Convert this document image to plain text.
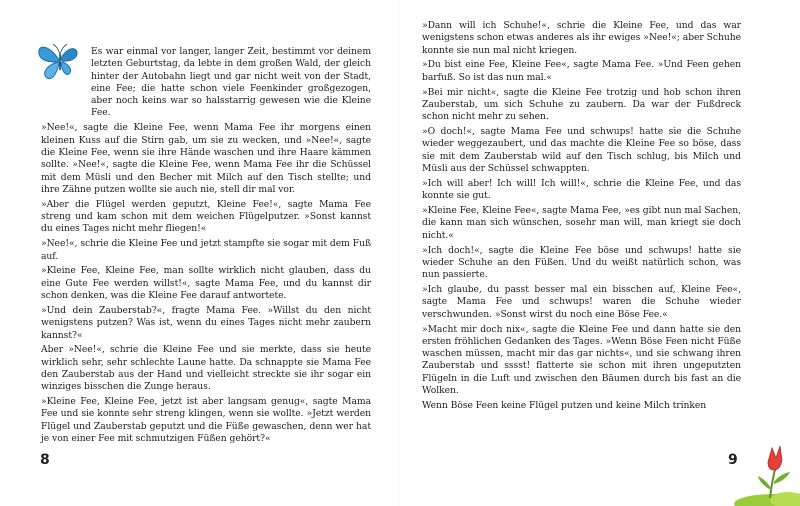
Es war einmal vor langer, langer Zeit, bestimmt vor deinem letzten Geburtstag, da lebte in dem großen Wald, der gleich hinter der Autobahn liegt und gar nicht weit von der Stadt, eine Fee; die hatte schon viele Feenkinder großgezogen, aber noch keins war so halsstarrig gewesen wie die Kleine Fee.

»Nee!«, sagte die Kleine Fee, wenn Mama Fee ihr morgens einen kleinen Kuss auf die Stirn gab, um sie zu wecken, und »Nee!«, sagte die Kleine Fee, wenn sie ihre Hände waschen und ihre Haare kämmen sollte. »Nee!«, sagte die Kleine Fee, wenn Mama Fee ihr die Schüssel mit dem Müsli und den Becher mit Milch auf den Tisch stellte; und ihre Zähne putzen wollte sie auch nie, stell dir mal vor.

»Aber die Flügel werden geputzt, Kleine Fee!«, sagte Mama Fee streng und kam schon mit dem weichen Flügelputzer. »Sonst kannst du eines Tages nicht mehr fliegen!«

»Nee!«, schrie die Kleine Fee und jetzt stampfte sie sogar mit dem Fuß auf.

»Kleine Fee, Kleine Fee, man sollte wirklich nicht glauben, dass du eine Gute Fee werden willst!«, sagte Mama Fee, und du kannst dir schon denken, was die Kleine Fee darauf antwortete.

»Und dein Zauberstab?«, fragte Mama Fee. »Willst du den nicht wenigstens putzen? Was ist, wenn du eines Tages nicht mehr zaubern kannst?«

Aber »Nee!«, schrie die Kleine Fee und sie merkte, dass sie heute wirklich sehr, sehr schlechte Laune hatte. Da schnappte sie Mama Fee den Zauberstab aus der Hand und vielleicht streckte sie ihr sogar ein winziges bisschen die Zunge heraus.

»Kleine Fee, Kleine Fee, jetzt ist aber langsam genug«, sagte Mama Fee und sie konnte sehr streng klingen, wenn sie wollte. »Jetzt werden Flügel und Zauberstab geputzt und die Füße gewaschen, denn wer hat je von einer Fee mit schmutzigen Füßen gehört?«

8

»Dann will ich Schuhe!«, schrie die Kleine Fee, und das war wenigstens schon etwas anderes als ihr ewiges »Nee!«; aber Schuhe konnte sie nun mal nicht kriegen.

»Du bist eine Fee, Kleine Fee«, sagte Mama Fee. »Und Feen gehen barfuß. So ist das nun mal.«

»Bei mir nicht«, sagte die Kleine Fee trotzig und hob schon ihren Zauberstab, um sich Schuhe zu zaubern. Da war der Fußdreck schon nicht mehr zu sehen.

»O doch!«, sagte Mama Fee und schwups! hatte sie die Schuhe wieder weggezaubert, und das machte die Kleine Fee so böse, dass sie mit dem Zauberstab wild auf den Tisch schlug, bis Milch und Müsli aus der Schüssel schwappten.

»Ich will aber! Ich will! Ich will!«, schrie die Kleine Fee, und das konnte sie gut.

»Kleine Fee, Kleine Fee«, sagte Mama Fee, »es gibt nun mal Sachen, die kann man sich wünschen, sosehr man will, man kriegt sie doch nicht.«

»Ich doch!«, sagte die Kleine Fee böse und schwups! hatte sie wieder Schuhe an den Füßen. Und du weißt natürlich schon, was nun passierte.

»Ich glaube, du passt besser mal ein bisschen auf, Kleine Fee«, sagte Mama Fee und schwups! waren die Schuhe wieder verschwunden. »Sonst wirst du noch eine Böse Fee.«

»Macht mir doch nix«, sagte die Kleine Fee und dann hatte sie den ersten fröhlichen Gedanken des Tages. »Wenn Böse Feen nicht Füße waschen müssen, macht mir das gar nichts«, und sie schwang ihren Zauberstab und sssst! flatterte sie schon mit ihren ungeputzten Flügeln in die Luft und zwischen den Bäumen durch bis fast an die Wolken.

Wenn Böse Feen keine Flügel putzen und keine Milch trinken

9
